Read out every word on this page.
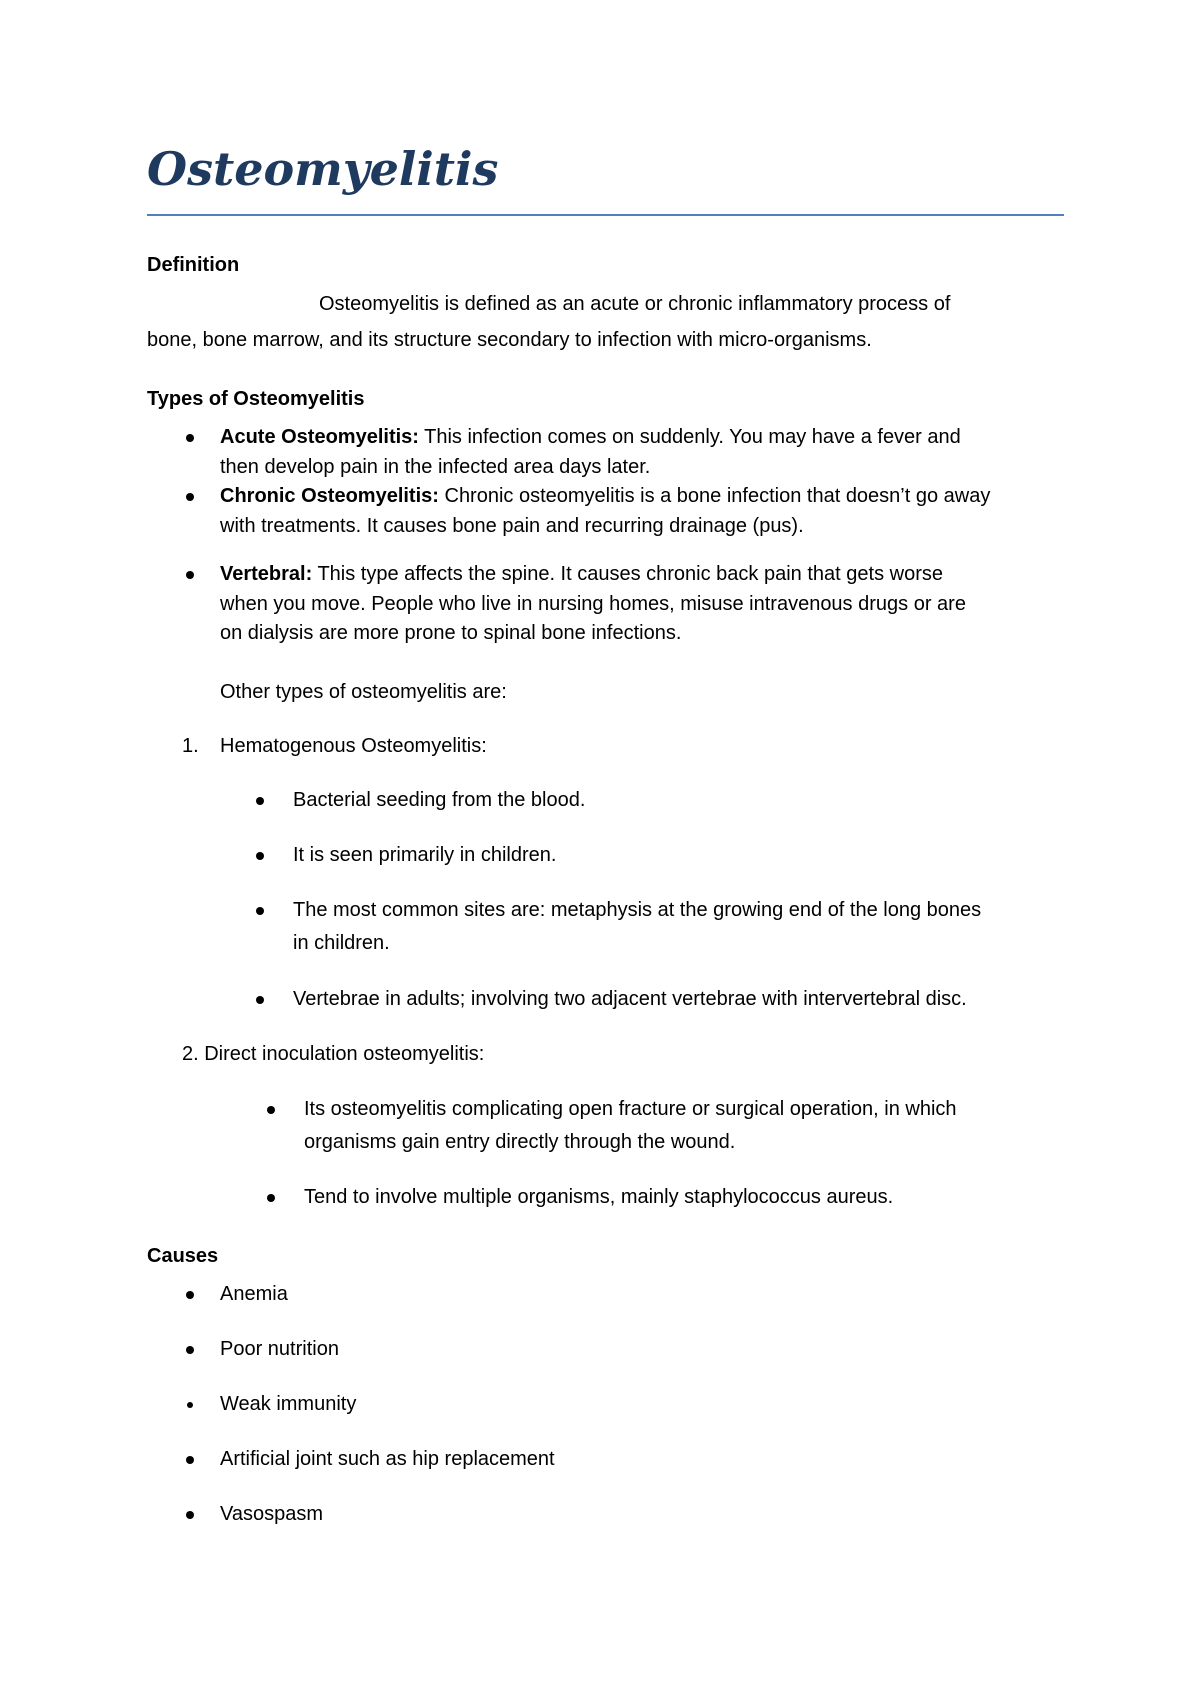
Osteomyelitis
Definition
Osteomyelitis is defined as an acute or chronic inflammatory process of
bone, bone marrow, and its structure secondary to infection with micro-organisms.
Types of Osteomyelitis
Acute Osteomyelitis: This infection comes on suddenly. You may have a fever and
then develop pain in the infected area days later.
Chronic Osteomyelitis: Chronic osteomyelitis is a bone infection that doesn’t go away
with treatments. It causes bone pain and recurring drainage (pus).
Vertebral: This type affects the spine. It causes chronic back pain that gets worse
when you move. People who live in nursing homes, misuse intravenous drugs or are
on dialysis are more prone to spinal bone infections.
Other types of osteomyelitis are:
1. Hematogenous Osteomyelitis:
Bacterial seeding from the blood.
It is seen primarily in children.
The most common sites are: metaphysis at the growing end of the long bones
in children.
Vertebrae in adults; involving two adjacent vertebrae with intervertebral disc.
2. Direct inoculation osteomyelitis:
Its osteomyelitis complicating open fracture or surgical operation, in which
organisms gain entry directly through the wound.
Tend to involve multiple organisms, mainly staphylococcus aureus.
Causes
Anemia
Poor nutrition
Weak immunity
Artificial joint such as hip replacement
Vasospasm
